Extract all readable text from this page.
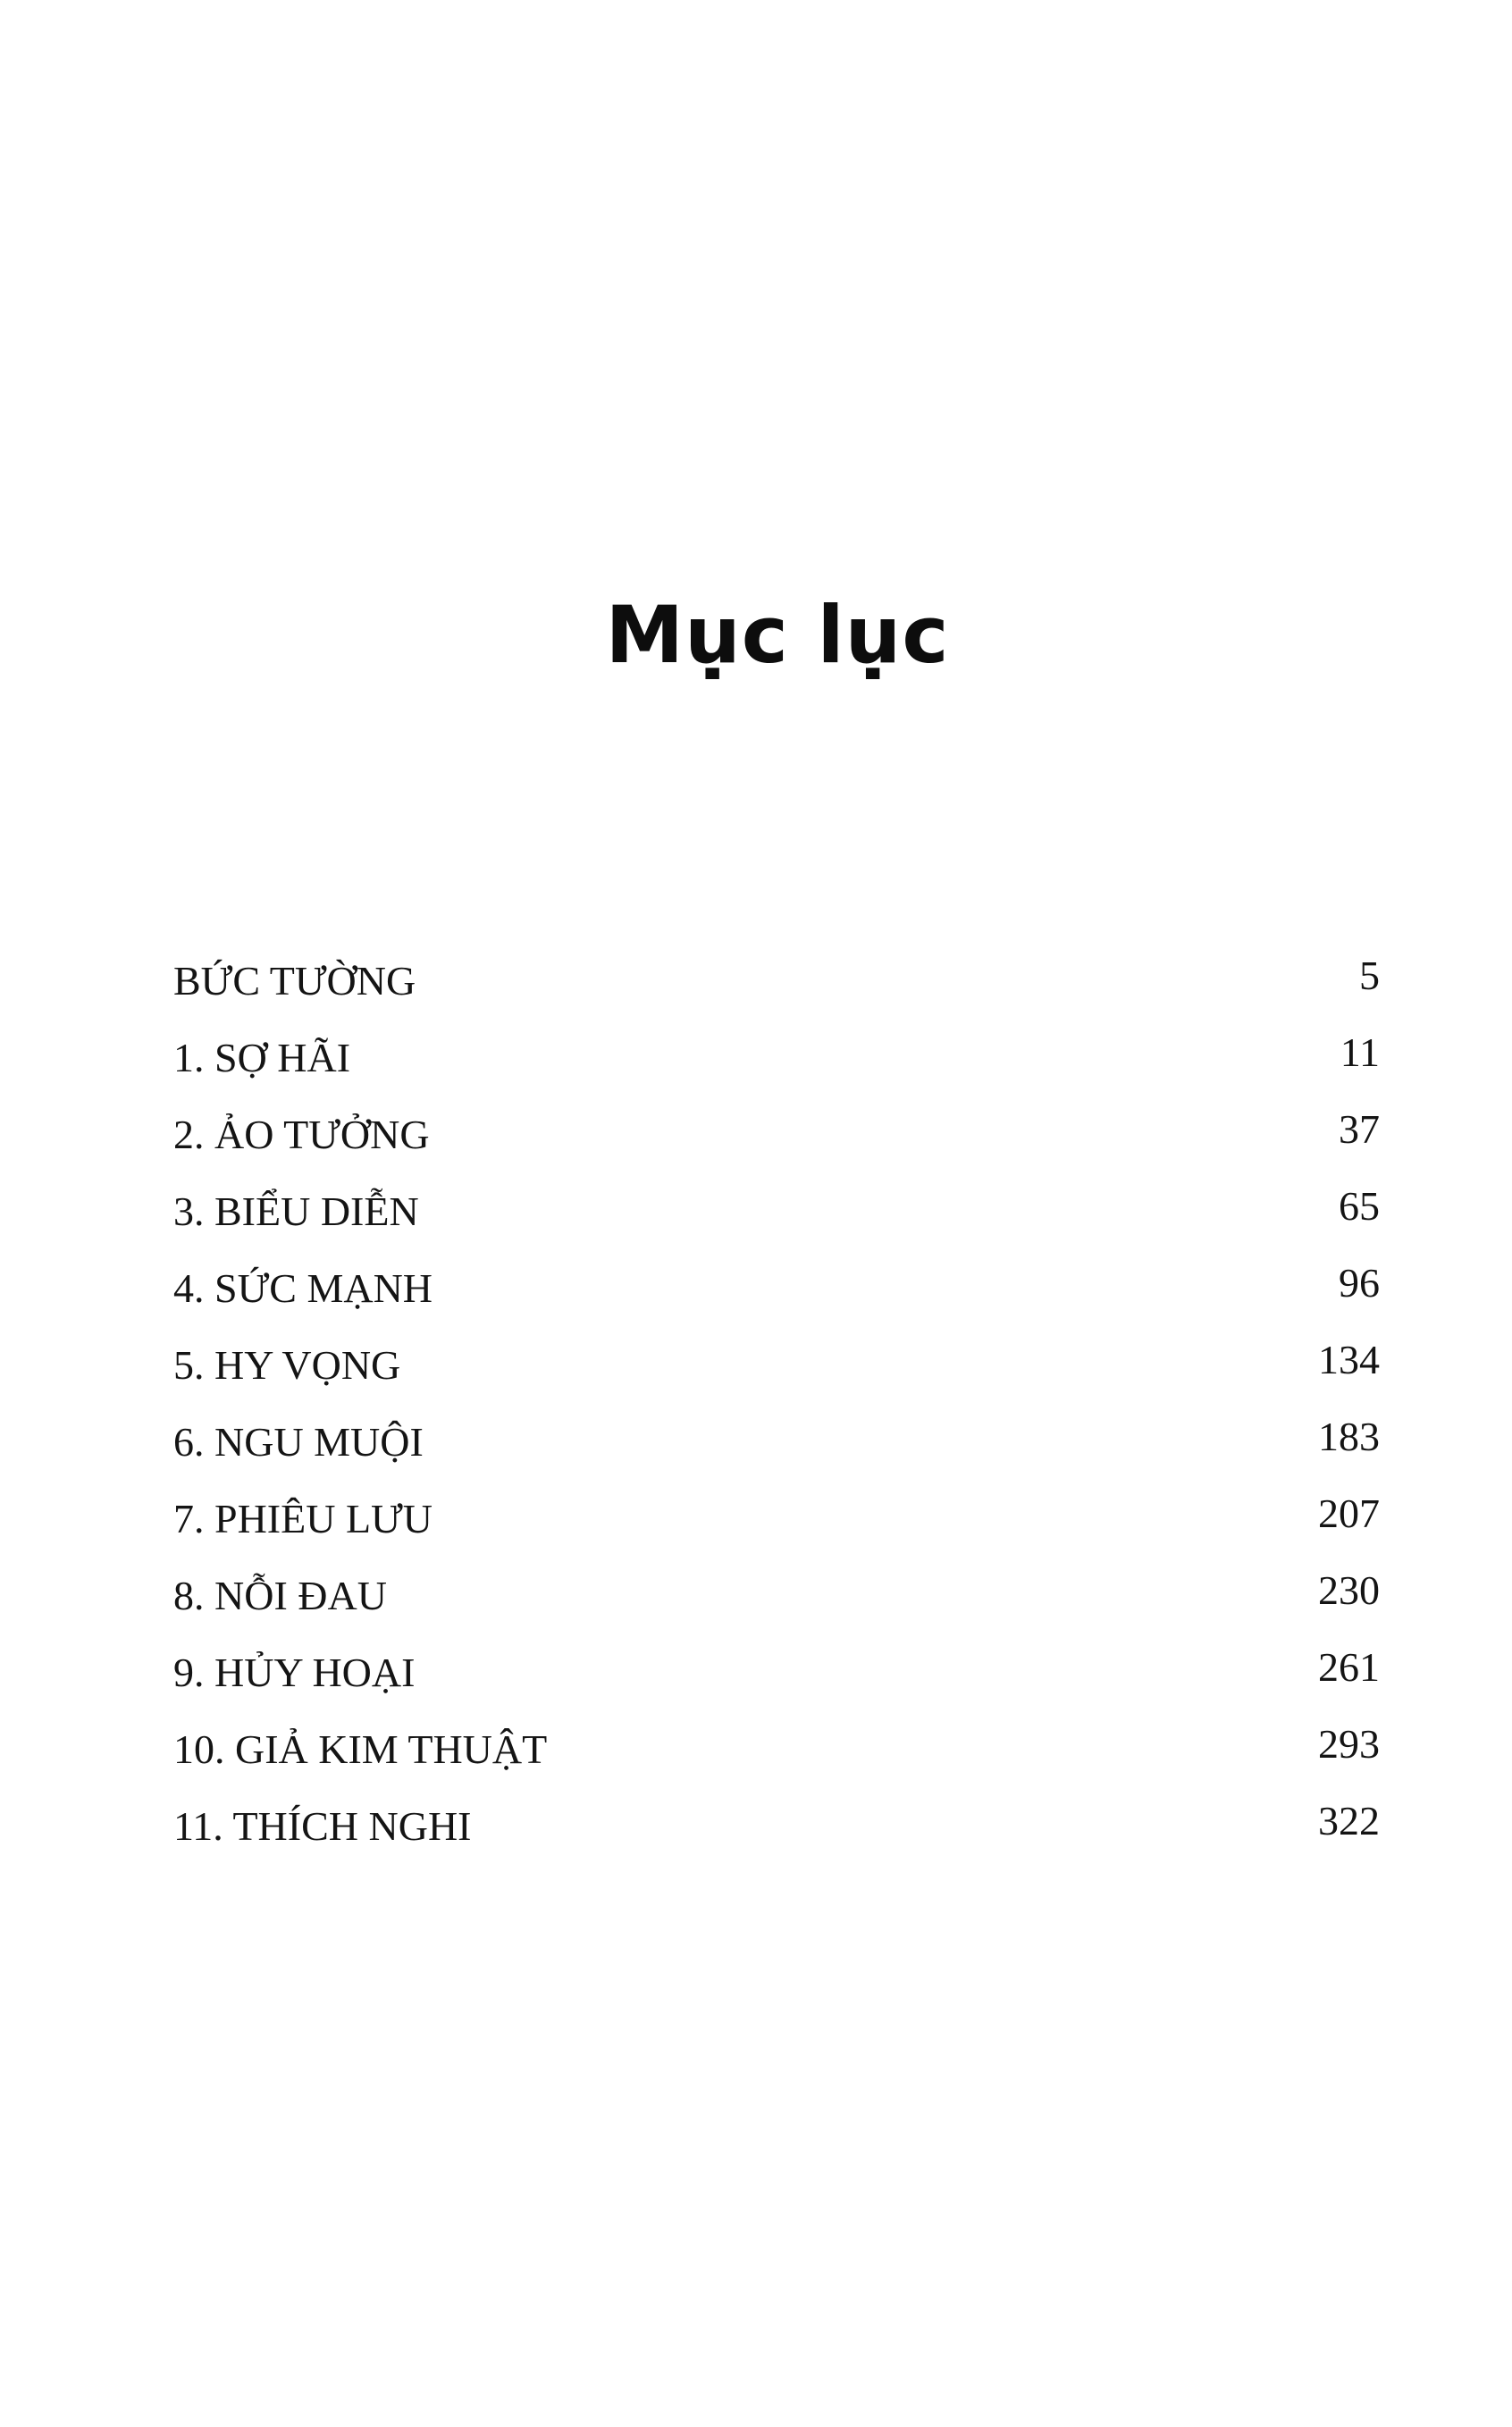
Mục lục
BỨC TƯỜNG	5
1. SỢ HÃI	11
2. ẢO TƯỞNG	37
3. BIỂU DIỄN	65
4. SỨC MẠNH	96
5. HY VỌNG	134
6. NGU MUỘI	183
7. PHIÊU LƯU	207
8. NỖI ĐAU	230
9. HỦY HOẠI	261
10. GIẢ KIM THUẬT	293
11. THÍCH NGHI	322
